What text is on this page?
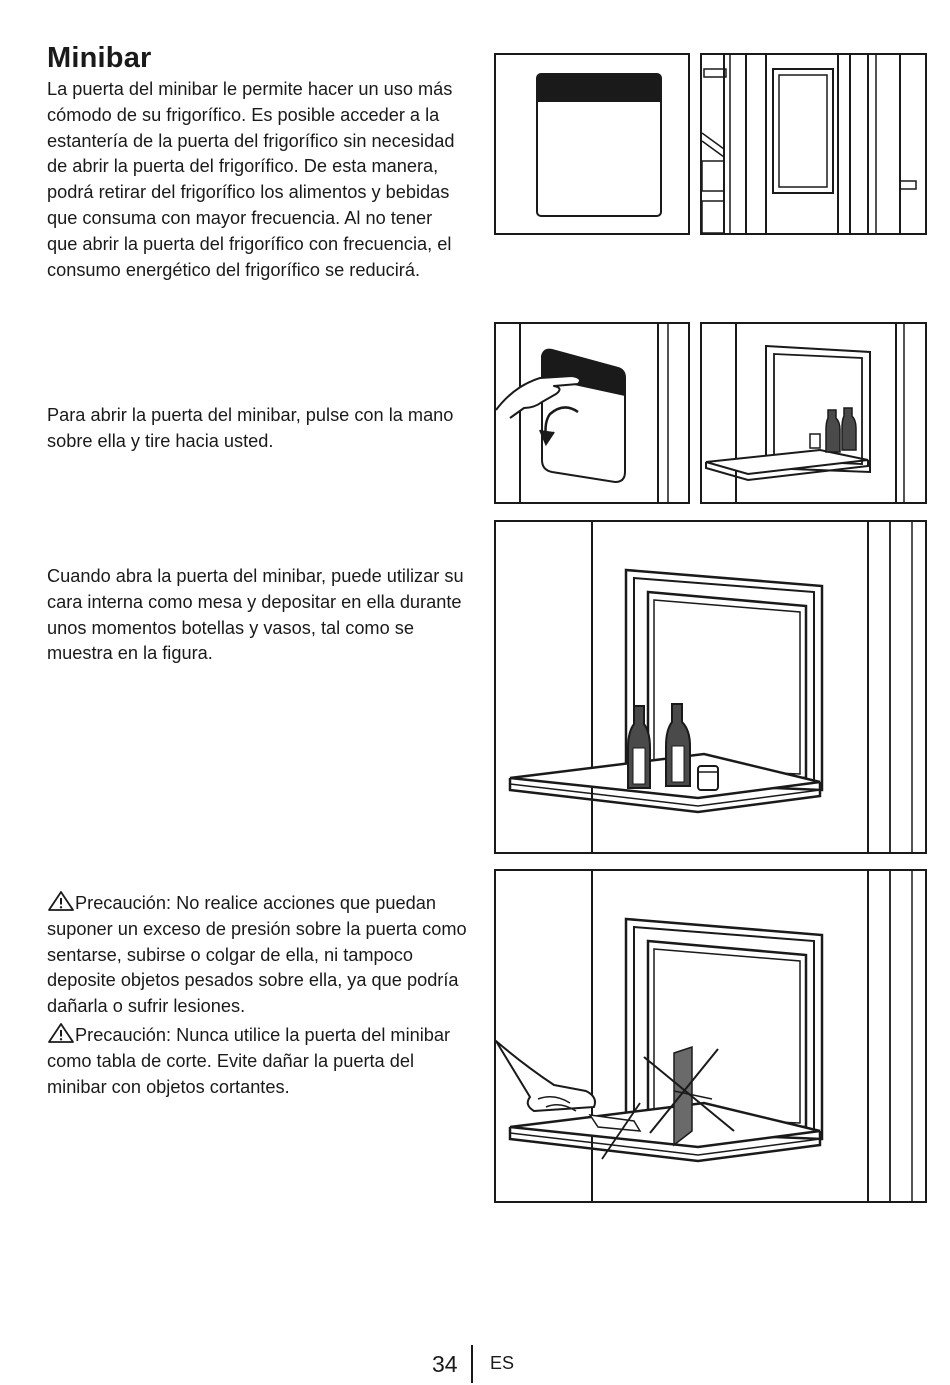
Minibar

La puerta del minibar le permite hacer un uso más cómodo de su frigorífico. Es posible acceder a la estantería de la puerta del frigorífico sin necesidad de abrir la puerta del frigorífico. De esta manera, podrá retirar del frigorífico los alimentos y bebidas que consuma con mayor frecuencia. Al no tener que abrir la puerta del frigorífico con frecuencia, el consumo energético del frigorífico se reducirá.

Para abrir la puerta del minibar, pulse con la mano sobre ella y tire hacia usted.

Cuando abra la puerta del minibar, puede utilizar su cara interna como mesa y depositar en ella durante unos momentos botellas y vasos, tal como se muestra en la figura.

Precaución: No realice acciones que puedan suponer un exceso de presión sobre la puerta como sentarse, subirse o colgar de ella, ni tampoco deposite objetos pesados sobre ella, ya que podría dañarla o sufrir lesiones.

Precaución: Nunca utilice la puerta del minibar como tabla de corte. Evite dañar la puerta del minibar con objetos cortantes.

34 ES
